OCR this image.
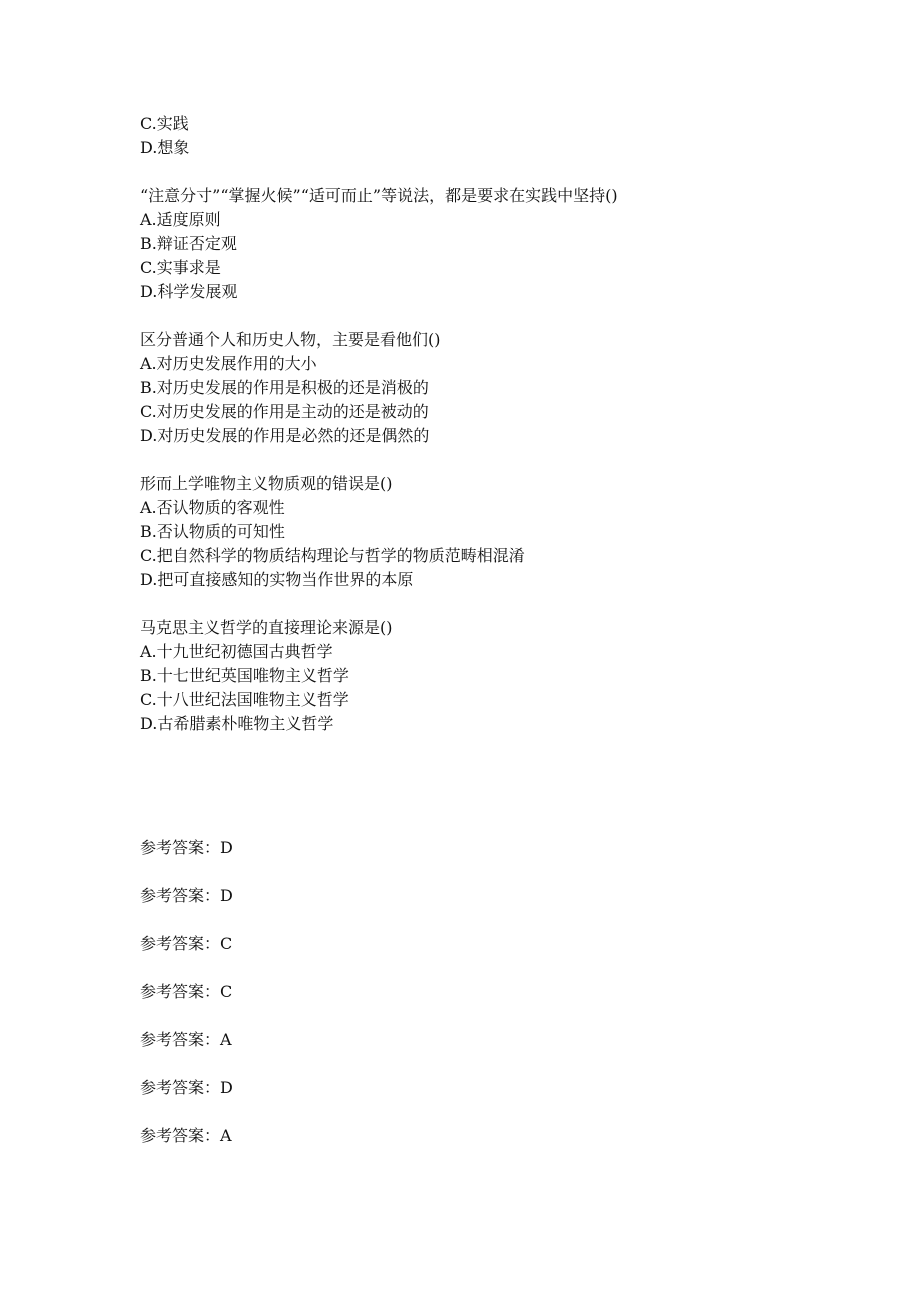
C.实践
D.想象
“注意分寸”“掌握火候”“适可而止”等说法，都是要求在实践中坚持()
A.适度原则
B.辩证否定观
C.实事求是
D.科学发展观
区分普通个人和历史人物，主要是看他们()
A.对历史发展作用的大小
B.对历史发展的作用是积极的还是消极的
C.对历史发展的作用是主动的还是被动的
D.对历史发展的作用是必然的还是偶然的
形而上学唯物主义物质观的错误是()
A.否认物质的客观性
B.否认物质的可知性
C.把自然科学的物质结构理论与哲学的物质范畴相混淆
D.把可直接感知的实物当作世界的本原
马克思主义哲学的直接理论来源是()
A.十九世纪初德国古典哲学
B.十七世纪英国唯物主义哲学
C.十八世纪法国唯物主义哲学
D.古希腊素朴唯物主义哲学
参考答案：D
参考答案：D
参考答案：C
参考答案：C
参考答案：A
参考答案：D
参考答案：A
